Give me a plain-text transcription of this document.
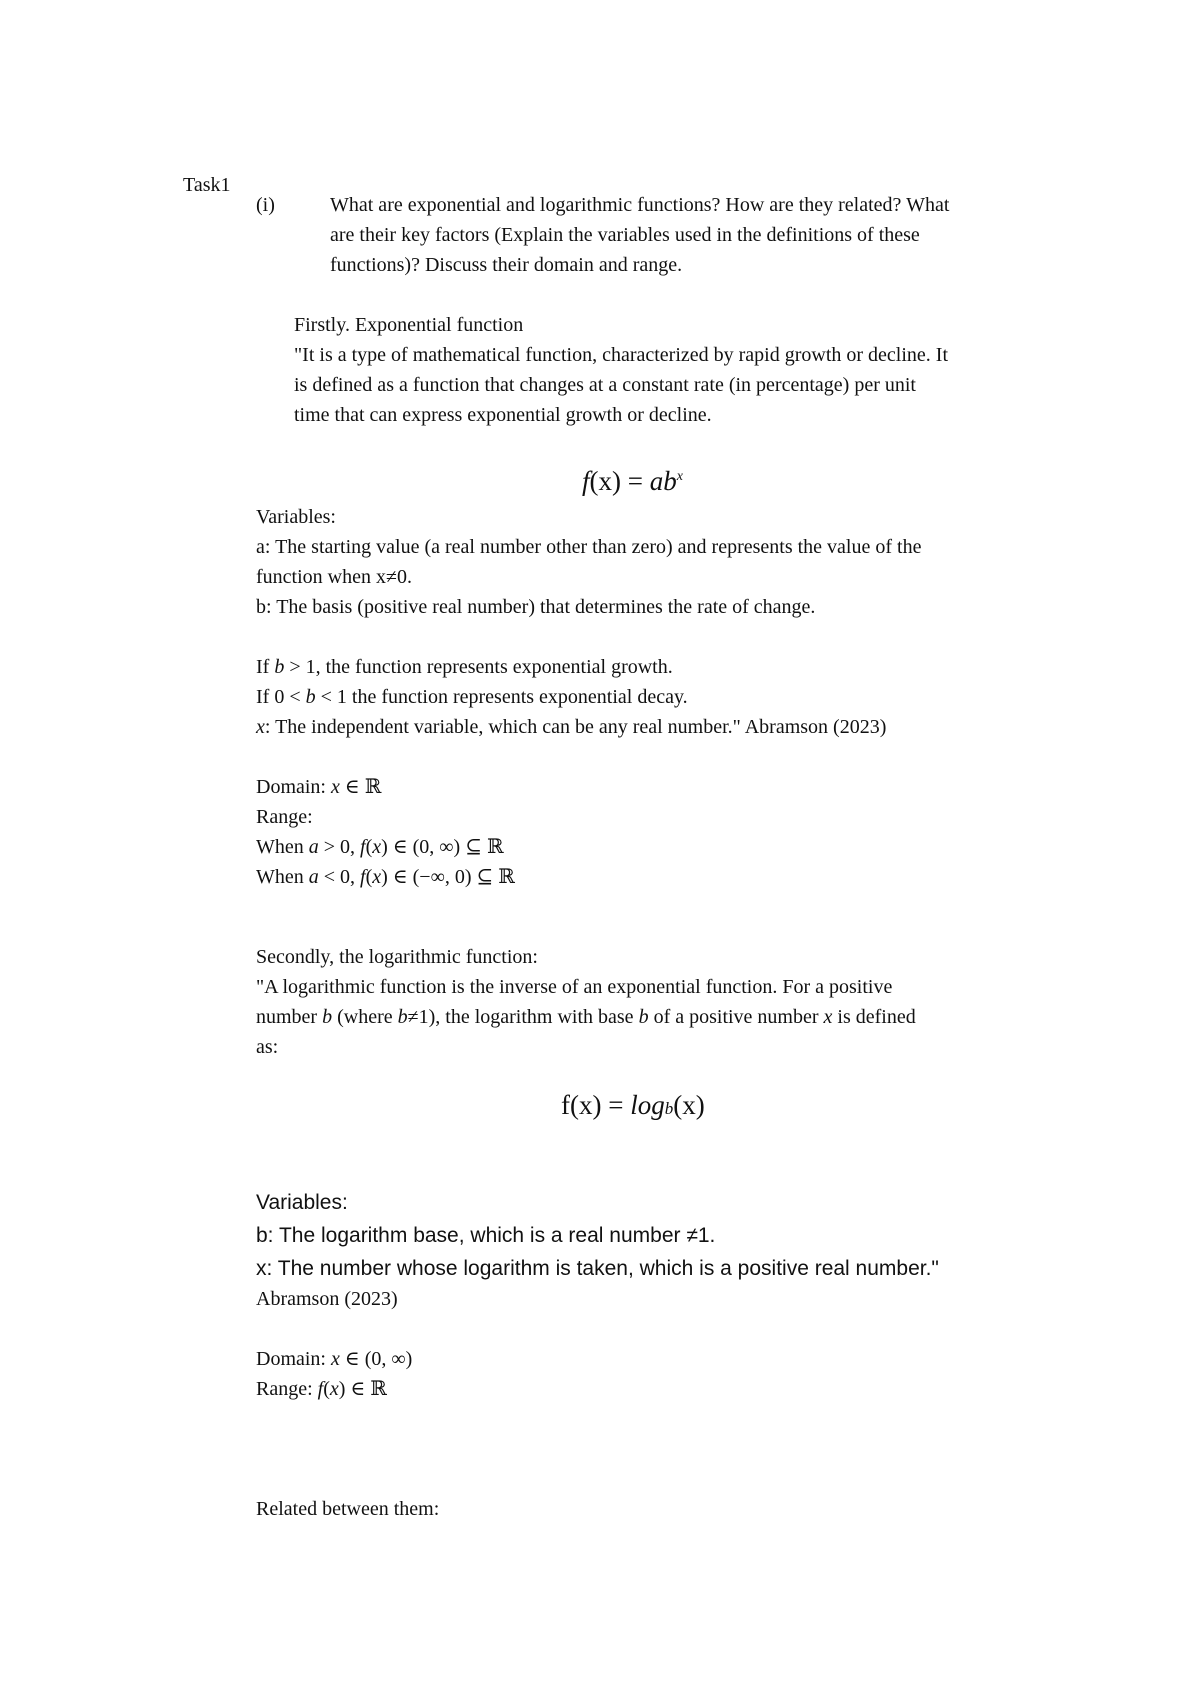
Task1
(i)	What are exponential and logarithmic functions? How are they related? What
are their key factors (Explain the variables used in the definitions of these
functions)? Discuss their domain and range.
Firstly. Exponential function
"It is a type of mathematical function, characterized by rapid growth or decline. It
is defined as a function that changes at a constant rate (in percentage) per unit
time that can express exponential growth or decline.
$f(x) = ab^x$
Variables:
a: The starting value (a real number other than zero) and represents the value of the
function when x≠0.
b: The basis (positive real number) that determines the rate of change.
If b > 1, the function represents exponential growth.
If 0 < b < 1 the function represents exponential decay.
x: The independent variable, which can be any real number." Abramson (2023)
Domain: x ∈ ℝ
Range:
When a > 0, f(x) ∈ (0, ∞) ⊆ ℝ
When a < 0, f(x) ∈ (−∞, 0) ⊆ ℝ
Secondly, the logarithmic function:
"A logarithmic function is the inverse of an exponential function. For a positive
number b (where b≠1), the logarithm with base b of a positive number x is defined
as:
f(x) = logb(x)
Variables:
b: The logarithm base, which is a real number ≠1.
x: The number whose logarithm is taken, which is a positive real number."
Abramson (2023)
Domain: x ∈ (0, ∞)
Range: f(x) ∈ ℝ
Related between them:
